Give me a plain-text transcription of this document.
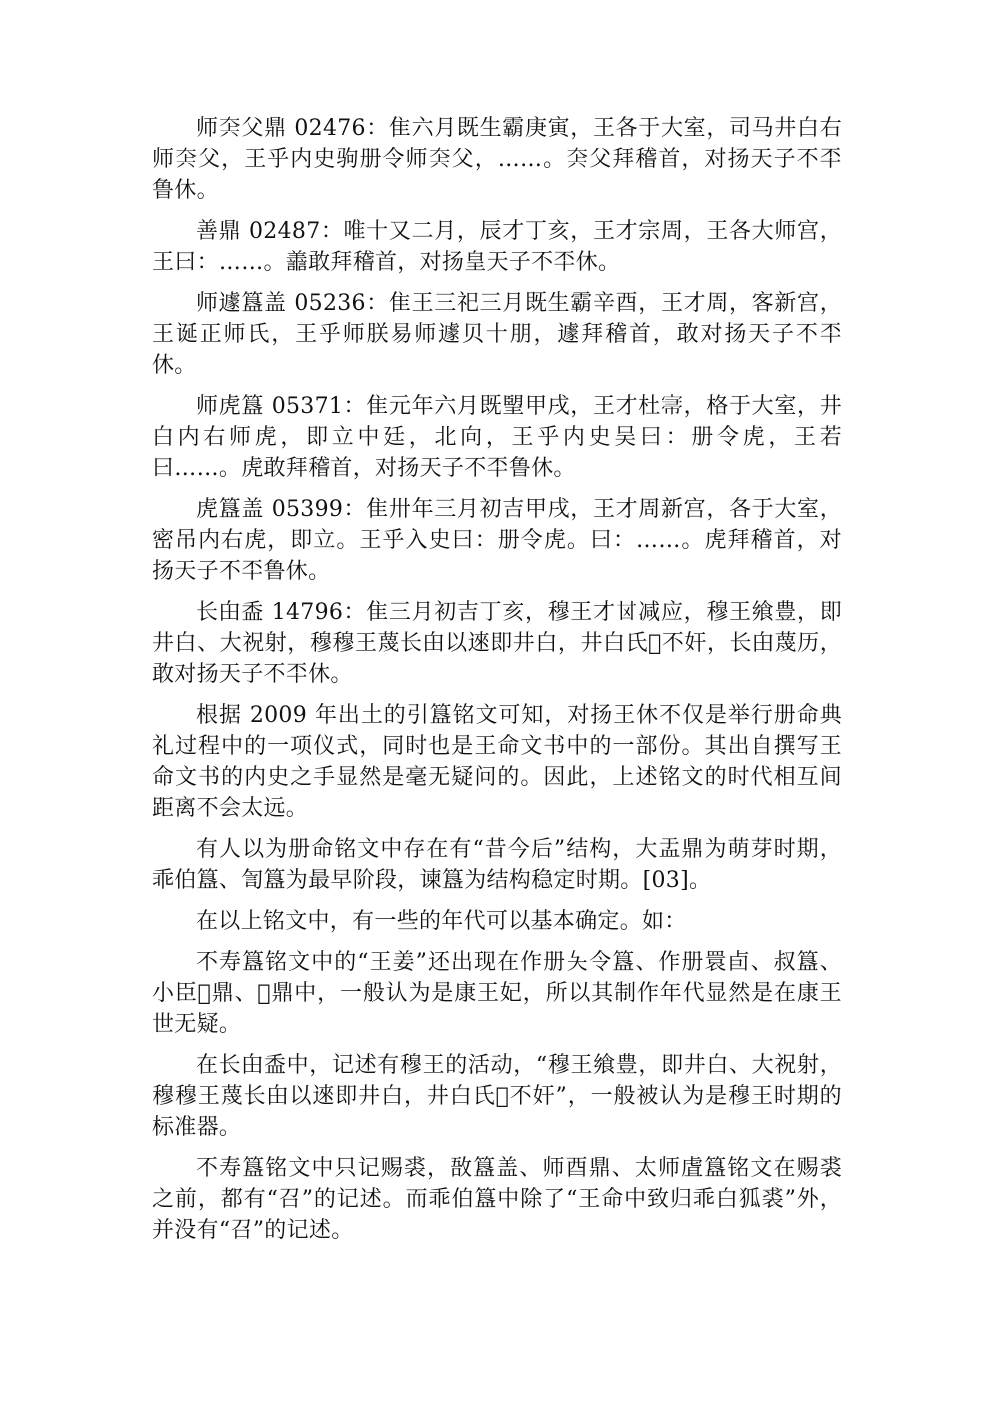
师𡘂父鼎 02476：隹六月既生霸庚寅，王各于大室，司马井白右师𡘂父，王乎内史驹册令师𡘂父，……。𡘂父拜稽首，对扬天子不㔻鲁休。

善鼎 02487：唯十又二月，辰才丁亥，王才宗周，王各大师宫，王曰：……。譱敢拜稽首，对扬皇天子不㔻休。

师遽簋盖 05236：隹王三祀三月既生霸辛酉，王才周，客新宫，王诞正师氏，王乎师朕易师遽贝十朋，遽拜稽首，敢对扬天子不㔻休。

师虎簋 05371：隹元年六月既朢甲戌，王才杜𡨦，格于大室，井白内右师虎，即立中廷，北向，王乎内史吴曰：册令虎，王若曰……。虎敢拜稽首，对扬天子不㔻鲁休。

虎簋盖 05399：隹卅年三月初吉甲戌，王才周新宫，各于大室，密吊内右虎，即立。王乎入史曰：册令虎。曰：……。虎拜稽首，对扬天子不㔻鲁休。

长甶盉 14796：隹三月初吉丁亥，穆王才𠀠减应，穆王飨豊，即井白、大祝射，穆穆王蔑长甶以逨即井白，井白氏𡩬不奸，长甶蔑历，敢对扬天子不㔻休。

根据 2009 年出土的引簋铭文可知，对扬王休不仅是举行册命典礼过程中的一项仪式，同时也是王命文书中的一部份。其出自撰写王命文书的内史之手显然是毫无疑问的。因此，上述铭文的时代相互间距离不会太远。

有人以为册命铭文中存在有“昔今后”结构，大盂鼎为萌芽时期，乖伯簋、訇簋为最早阶段，谏簋为结构稳定时期。[03]。

在以上铭文中，有一些的年代可以基本确定。如：

不寿簋铭文中的“王姜”还出现在作册夨令簋、作册睘卣、叔簋、小臣𠊊鼎、𣄰鼎中，一般认为是康王妃，所以其制作年代显然是在康王世无疑。

在长甶盉中，记述有穆王的活动，“穆王飨豊，即井白、大祝射，穆穆王蔑长甶以逨即井白，井白氏𡩬不奸”，一般被认为是穆王时期的标准器。

不寿簋铭文中只记赐裘，敔簋盖、师酉鼎、太师虘簋铭文在赐裘之前，都有“召”的记述。而乖伯簋中除了“王命中致归乖白狐裘”外，并没有“召”的记述。
